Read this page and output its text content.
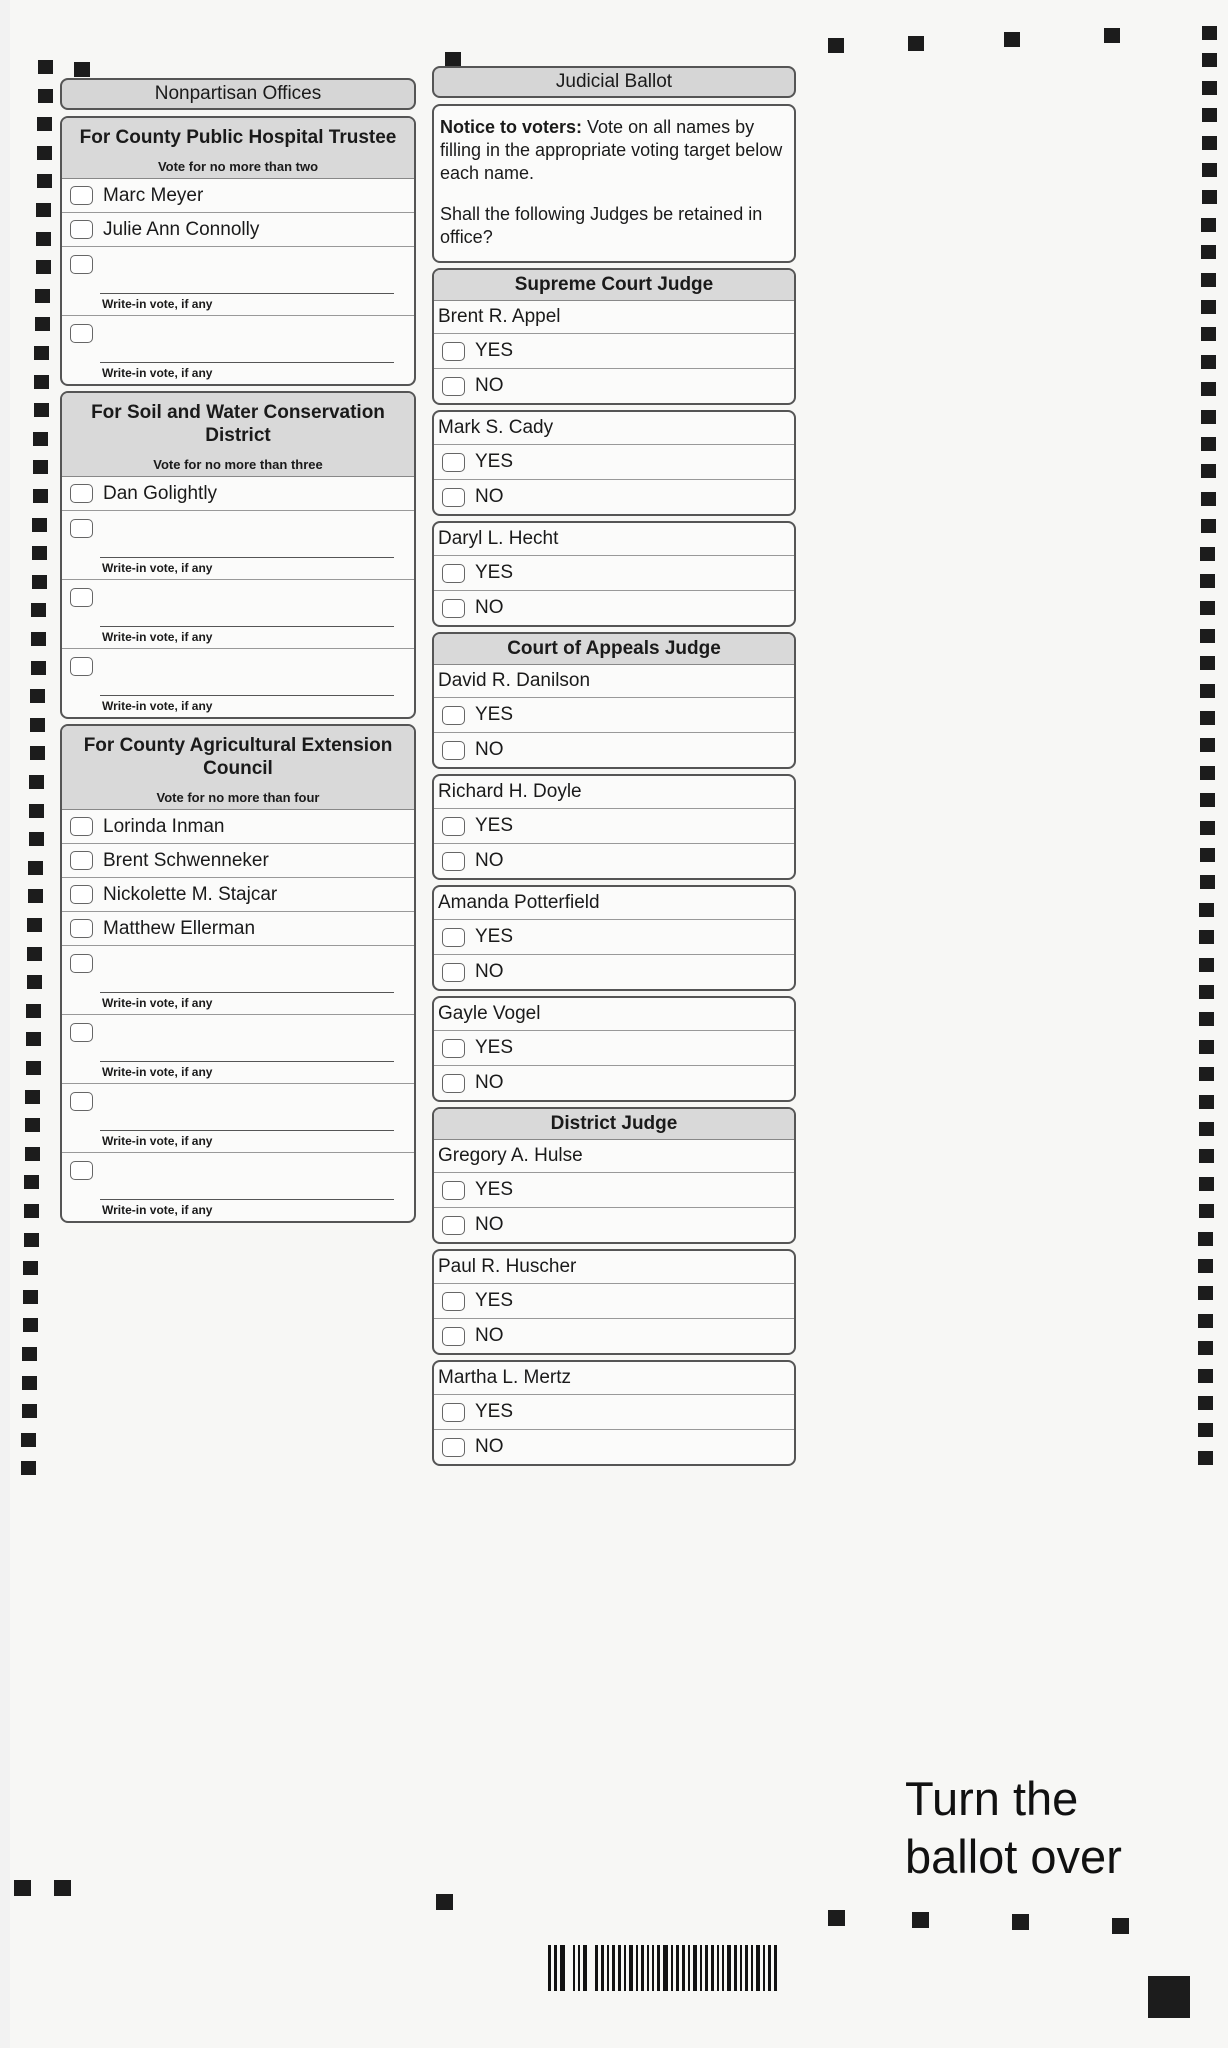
Nonpartisan Offices
For County Public Hospital Trustee
Vote for no more than two
Marc Meyer
Julie Ann Connolly
Write-in vote, if any
Write-in vote, if any
For Soil and Water Conservation District
Vote for no more than three
Dan Golightly
Write-in vote, if any
Write-in vote, if any
Write-in vote, if any
For County Agricultural Extension Council
Vote for no more than four
Lorinda Inman
Brent Schwenneker
Nickolette M. Stajcar
Matthew Ellerman
Write-in vote, if any
Write-in vote, if any
Write-in vote, if any
Write-in vote, if any
Judicial Ballot
Notice to voters: Vote on all names by filling in the appropriate voting target below each name.
Shall the following Judges be retained in office?
Supreme Court Judge
Brent R. Appel
YES
NO
Mark S. Cady
YES
NO
Daryl L. Hecht
YES
NO
Court of Appeals Judge
David R. Danilson
YES
NO
Richard H. Doyle
YES
NO
Amanda Potterfield
YES
NO
Gayle Vogel
YES
NO
District Judge
Gregory A. Hulse
YES
NO
Paul R. Huscher
YES
NO
Martha L. Mertz
YES
NO
Turn the
ballot over
